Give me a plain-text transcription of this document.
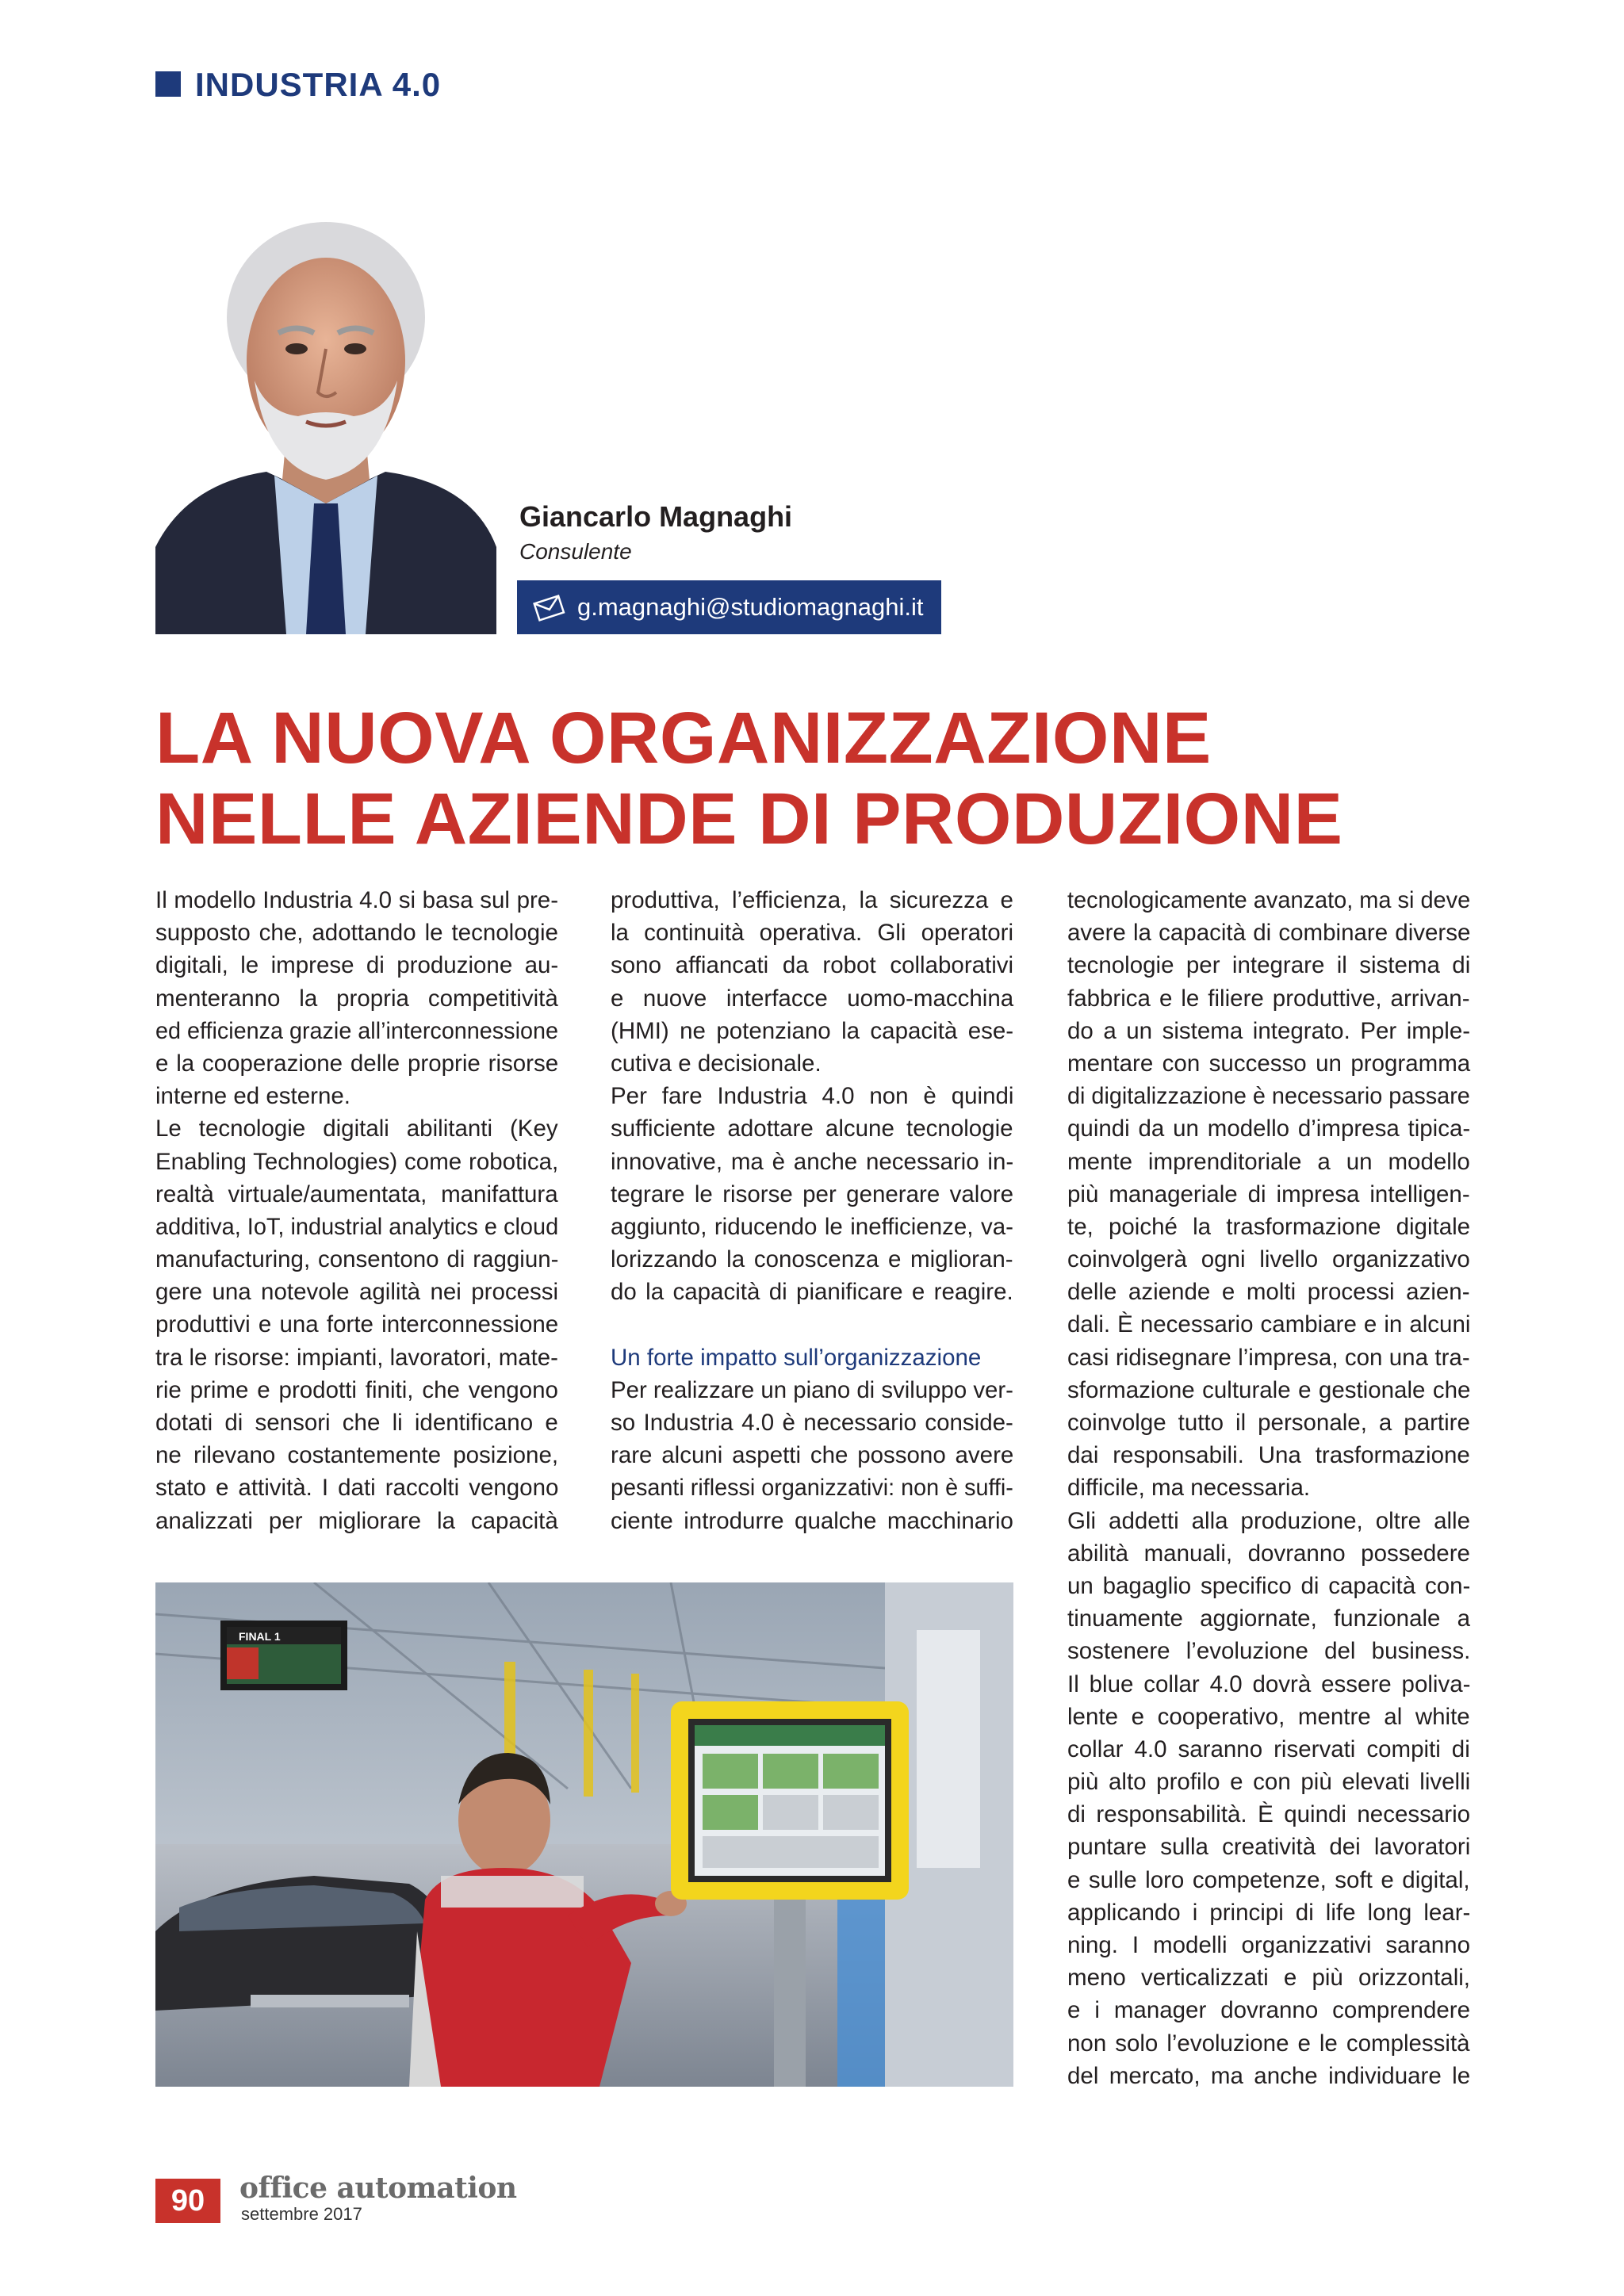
INDUSTRIA 4.0
Giancarlo Magnaghi
Consulente
g.magnaghi@studiomagnaghi.it
LA NUOVA ORGANIZZAZIONE
NELLE AZIENDE DI PRODUZIONE
Il modello Industria 4.0 si basa sul pre-
supposto che, adottando le tecnologie
digitali, le imprese di produzione au-
menteranno la propria competitività
ed efficienza grazie all’interconnessione
e la cooperazione delle proprie risorse
interne ed esterne.
Le tecnologie digitali abilitanti (Key
Enabling Technologies) come robotica,
realtà virtuale/aumentata, manifattura
additiva, IoT, industrial analytics e cloud
manufacturing, consentono di raggiun-
gere una notevole agilità nei processi
produttivi e una forte interconnessione
tra le risorse: impianti, lavoratori, mate-
rie prime e prodotti finiti, che vengono
dotati di sensori che li identificano e
ne rilevano costantemente posizione,
stato e attività. I dati raccolti vengono
analizzati per migliorare la capacità
produttiva, l’efficienza, la sicurezza e
la continuità operativa. Gli operatori
sono affiancati da robot collaborativi
e nuove interfacce uomo-macchina
(HMI) ne potenziano la capacità ese-
cutiva e decisionale.
Per fare Industria 4.0 non è quindi
sufficiente adottare alcune tecnologie
innovative, ma è anche necessario in-
tegrare le risorse per generare valore
aggiunto, riducendo le inefficienze, va-
lorizzando la conoscenza e miglioran-
do la capacità di pianificare e reagire.
Un forte impatto sull’organizzazione
Per realizzare un piano di sviluppo ver-
so Industria 4.0 è necessario conside-
rare alcuni aspetti che possono avere
pesanti riflessi organizzativi: non è suffi-
ciente introdurre qualche macchinario
tecnologicamente avanzato, ma si deve
avere la capacità di combinare diverse
tecnologie per integrare il sistema di
fabbrica e le filiere produttive, arrivan-
do a un sistema integrato. Per imple-
mentare con successo un programma
di digitalizzazione è necessario passare
quindi da un modello d’impresa tipica-
mente imprenditoriale a un modello
più manageriale di impresa intelligen-
te, poiché la trasformazione digitale
coinvolgerà ogni livello organizzativo
delle aziende e molti processi azien-
dali. È necessario cambiare e in alcuni
casi ridisegnare l’impresa, con una tra-
sformazione culturale e gestionale che
coinvolge tutto il personale, a partire
dai responsabili. Una trasformazione
difficile, ma necessaria.
Gli addetti alla produzione, oltre alle
abilità manuali, dovranno possedere
un bagaglio specifico di capacità con-
tinuamente aggiornate, funzionale a
sostenere l’evoluzione del business.
Il blue collar 4.0 dovrà essere poliva-
lente e cooperativo, mentre al white
collar 4.0 saranno riservati compiti di
più alto profilo e con più elevati livelli
di responsabilità. È quindi necessario
puntare sulla creatività dei lavoratori
e sulle loro competenze, soft e digital,
applicando i principi di life long lear-
ning. I modelli organizzativi saranno
meno verticalizzati e più orizzontali,
e i manager dovranno comprendere
non solo l’evoluzione e le complessità
del mercato, ma anche individuare le
FINAL 1
90	office automation
settembre 2017
